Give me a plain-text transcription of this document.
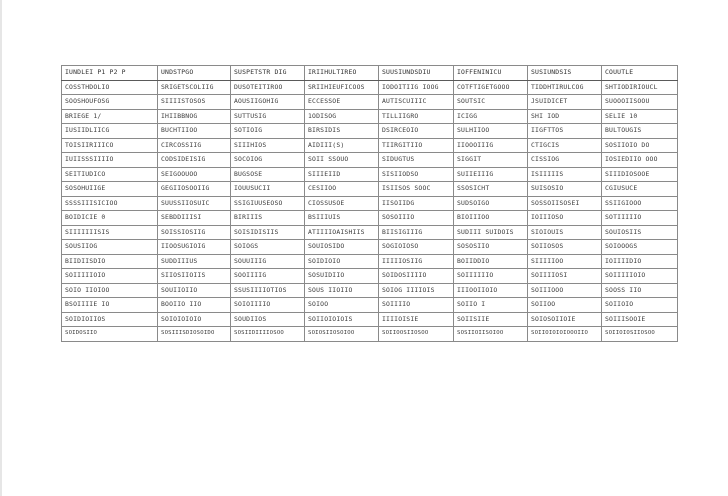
IUNDLEI P1 P2 P	UNDSTPGO	SUSPETSTR DIG	IRIIHULTIREO	SUUSIUNDSDIU	IOFFENINICU	SUSIUNDSIS	COUUTLE
COSSTHDOLIO	SRIGETSCOLIIG	DUSOTEITIROO	SRIIHIEUFICOOS	IODOITIIG IOOG	COTFTIGETGOOO	TIDDHTIRULCOG	SHTIODIRIOUCL
SOOSHOUFOSG	SIIIISTOSOS	AOUSIIGOHIG	ECCESSOE	AUTISCUIIIC	SOUTSIC	JSUIDICET	SUOOOIISOOU
BRIEGE 1/	IHIIBBNOG	SUTTUSIG	1ODISOG	TILLIIGRO	ICIGG	SHI IOD	SELIE 10
IUSIIDLIICG	BUCHTIIOO	SOTIOIG	BIRSIDIS	DSIRCEOIO	SULHIIOO	IIGFTTOS	BULTOUGIS
TOISIIRIIICO	CIRCOSSIIG	SIIIHIOS	AIDIII(S)	TIIRGITIIO	IIOOOIIIG	CTIGCIS	SOSIIOIO DO
IUIISSSIIIIO	CODSIDEISIG	SOCOIOG	SOII SSOUO	SIDUGTUS	SIGGIT	CISSIOG	IOSIEDIIO OOO
SEITIUDICO	SEIGOOUOO	BUGSOSE	SIIIEIID	SISIIODSO	SUIIEIIIG	ISIIIIIS	SIIIDIOSOOE
SOSOHUIIGE	GEGIIOSOOIIG	IOUUSUCII	CESIIOO	ISIISOS SOOC	SSOSICHT	SUISOSIO	CGIUSUCE
SSSSIIISICIOO	SUUSSIIOSUIC	SSIGIUUSEOSO	CIOSSUSOE	IISOIIDG	SUDSOIGO	SOSSOIISOSEI	SSIIGIOOO
BOIDICIE 0	SEBDDIIISI	BIRIIIS	BSIIIUIS	SOSOIIIO	BIOIIIOO	IOIIIOSO	SOTIIIIIO
SIIIIIIISIS	SOISSIOSIIG	SOISIDISIIS	ATIIIIOAISHIIS	BIISIGIIIG	SUDIII SUIDOIS	SIOIOUIS	SOUIOSIIS
SOUSIIOG	IIOOSUGIOIG	SOIOGS	SOUIOSIDO	SOGIOIOSO	SOSOSIIO	SOIIOSOS	SOIOOOGS
BIIDIISDIO	SUDDIIIUS	SOUUIIIG	SOIDIOIO	IIIIIOSIIG	BOIIDDIO	SIIIIIOO	IOIIIIDIO
SOIIIIIOIO	SIIOSIIOIIS	SOOIIIIG	SOSUIDIIO	SOIDOSIIIIO	SOIIIIIIO	SOIIIIOSI	SOIIIIIOIO
SOIO IIOIOO	SOUIIOIIO	SSUSIIIIOTIOS	SOUS IIOIIO	SOIOG IIIIOIS	IIIOOIIOIO	SOIIIOOO	SOOSS IIO
BSOIIIIE IO	BOOIIO IIO	SOIOIIIIO	SOIOO	SOIIIIO	SOIIO I	SOIIOO	SOIIOIO
SOIDIOIIOS	SOIOIOIOIO	SOUDIIOS	SOIIOIOIOIS	IIIIOISIE	SOIISIIE	SOIOSOIIOIE	SOIIISOOIE
SOIDOSIIO	SOSIIISDIOSOIDO	SOSIIDIIIIOSOO	SOIOSIIOSOIOO	SOIIOOSIIOSOO	SOSIIOIISOIOO	SOIIOIOIOIOOOIIO	SOIIOIOSIIOSOO
